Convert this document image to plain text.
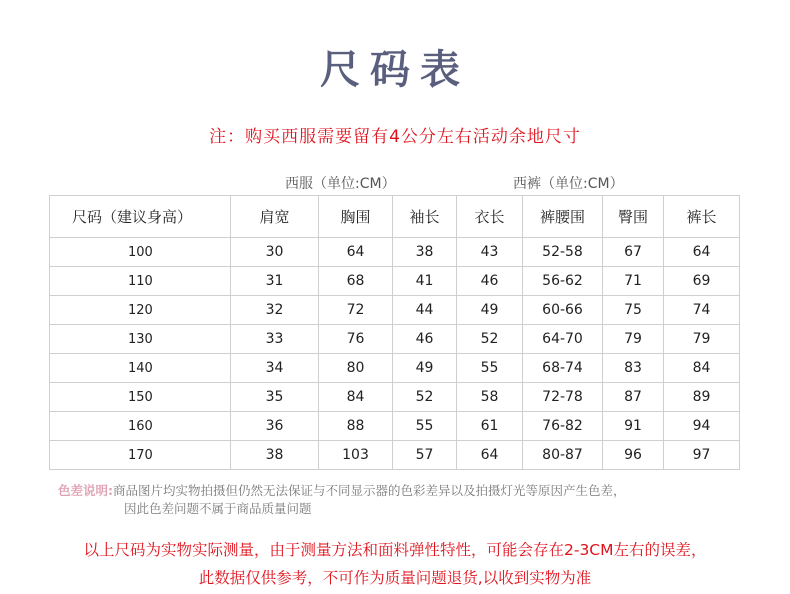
尺码表
注：购买西服需要留有4公分左右活动余地尺寸
西服（单位:CM）	西裤（单位:CM）
尺码（建议身高）	肩宽	胸围	袖长	衣长	裤腰围	臀围	裤长
100	30	64	38	43	52-58	67	64
110	31	68	41	46	56-62	71	69
120	32	72	44	49	60-66	75	74
130	33	76	46	52	64-70	79	79
140	34	80	49	55	68-74	83	84
150	35	84	52	58	72-78	87	89
160	36	88	55	61	76-82	91	94
170	38	103	57	64	80-87	96	97
色差说明:商品图片均实物拍摄但仍然无法保证与不同显示器的色彩差异以及拍摄灯光等原因产生色差，
因此色差问题不属于商品质量问题
以上尺码为实物实际测量，由于测量方法和面料弹性特性，可能会存在2-3CM左右的误差，
此数据仅供参考，不可作为质量问题退货,以收到实物为准
